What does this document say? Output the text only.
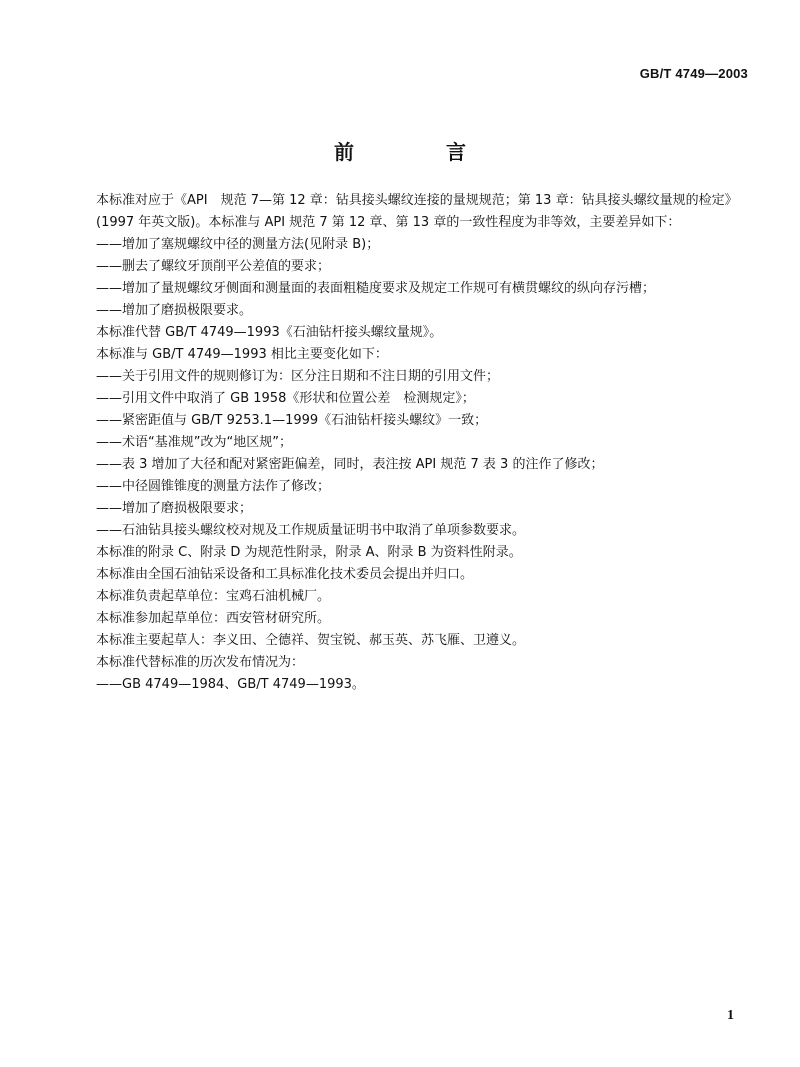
GB/T 4749—2003
前　言

本标准对应于《API　规范 7—第 12 章：钻具接头螺纹连接的量规规范；第 13 章：钻具接头螺纹量规的检定》(1997 年英文版)。本标准与 API 规范 7 第 12 章、第 13 章的一致性程度为非等效，主要差异如下：

——增加了塞规螺纹中径的测量方法(见附录 B)；

——删去了螺纹牙顶削平公差值的要求；

——增加了量规螺纹牙侧面和测量面的表面粗糙度要求及规定工作规可有横贯螺纹的纵向存污槽；

——增加了磨损极限要求。

本标准代替 GB/T 4749—1993《石油钻杆接头螺纹量规》。

本标准与 GB/T 4749—1993 相比主要变化如下：

——关于引用文件的规则修订为：区分注日期和不注日期的引用文件；

——引用文件中取消了 GB 1958《形状和位置公差　检测规定》；

——紧密距值与 GB/T 9253.1—1999《石油钻杆接头螺纹》一致；

——术语“基准规”改为“地区规”；

——表 3 增加了大径和配对紧密距偏差，同时，表注按 API 规范 7 表 3 的注作了修改；

——中径圆锥锥度的测量方法作了修改；

——增加了磨损极限要求；

——石油钻具接头螺纹校对规及工作规质量证明书中取消了单项参数要求。

本标准的附录 C、附录 D 为规范性附录，附录 A、附录 B 为资料性附录。

本标准由全国石油钻采设备和工具标准化技术委员会提出并归口。

本标准负责起草单位：宝鸡石油机械厂。

本标准参加起草单位：西安管材研究所。

本标准主要起草人：李义田、仝德祥、贺宝锐、郝玉英、苏飞雁、卫遵义。

本标准代替标准的历次发布情况为：

——GB 4749—1984、GB/T 4749—1993。

1
